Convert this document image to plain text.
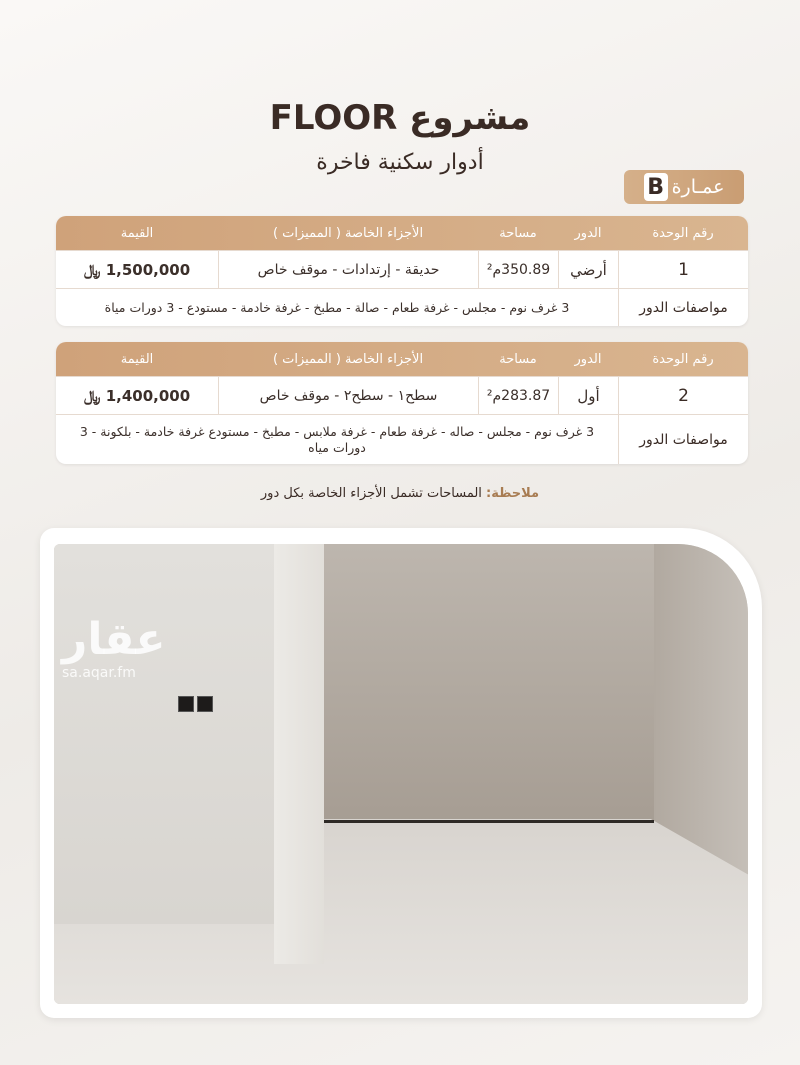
مشروع FLOOR
أدوار سكنية فاخرة
عمـارة
B
رقم الوحدة
الدور
مساحة
الأجزاء الخاصة ( المميزات )
القيمة
1
أرضي
350.89م²
حديقة - إرتدادات - موقف خاص
1,500,000 ﷼
مواصفات الدور
3 غرف نوم - مجلس - غرفة طعام - صالة - مطبخ - غرفة خادمة - مستودع - 3 دورات مياة
رقم الوحدة
الدور
مساحة
الأجزاء الخاصة ( المميزات )
القيمة
2
أول
283.87م²
سطح١ - سطح٢ - موقف خاص
1,400,000 ﷼
مواصفات الدور
3 غرف نوم - مجلس - صاله - غرفة طعام - غرفة ملابس - مطبخ - مستودع غرفة خادمة - بلكونة - 3 دورات مياه
ملاحظة: المساحات تشمل الأجزاء الخاصة بكل دور
عقار
sa.aqar.fm
